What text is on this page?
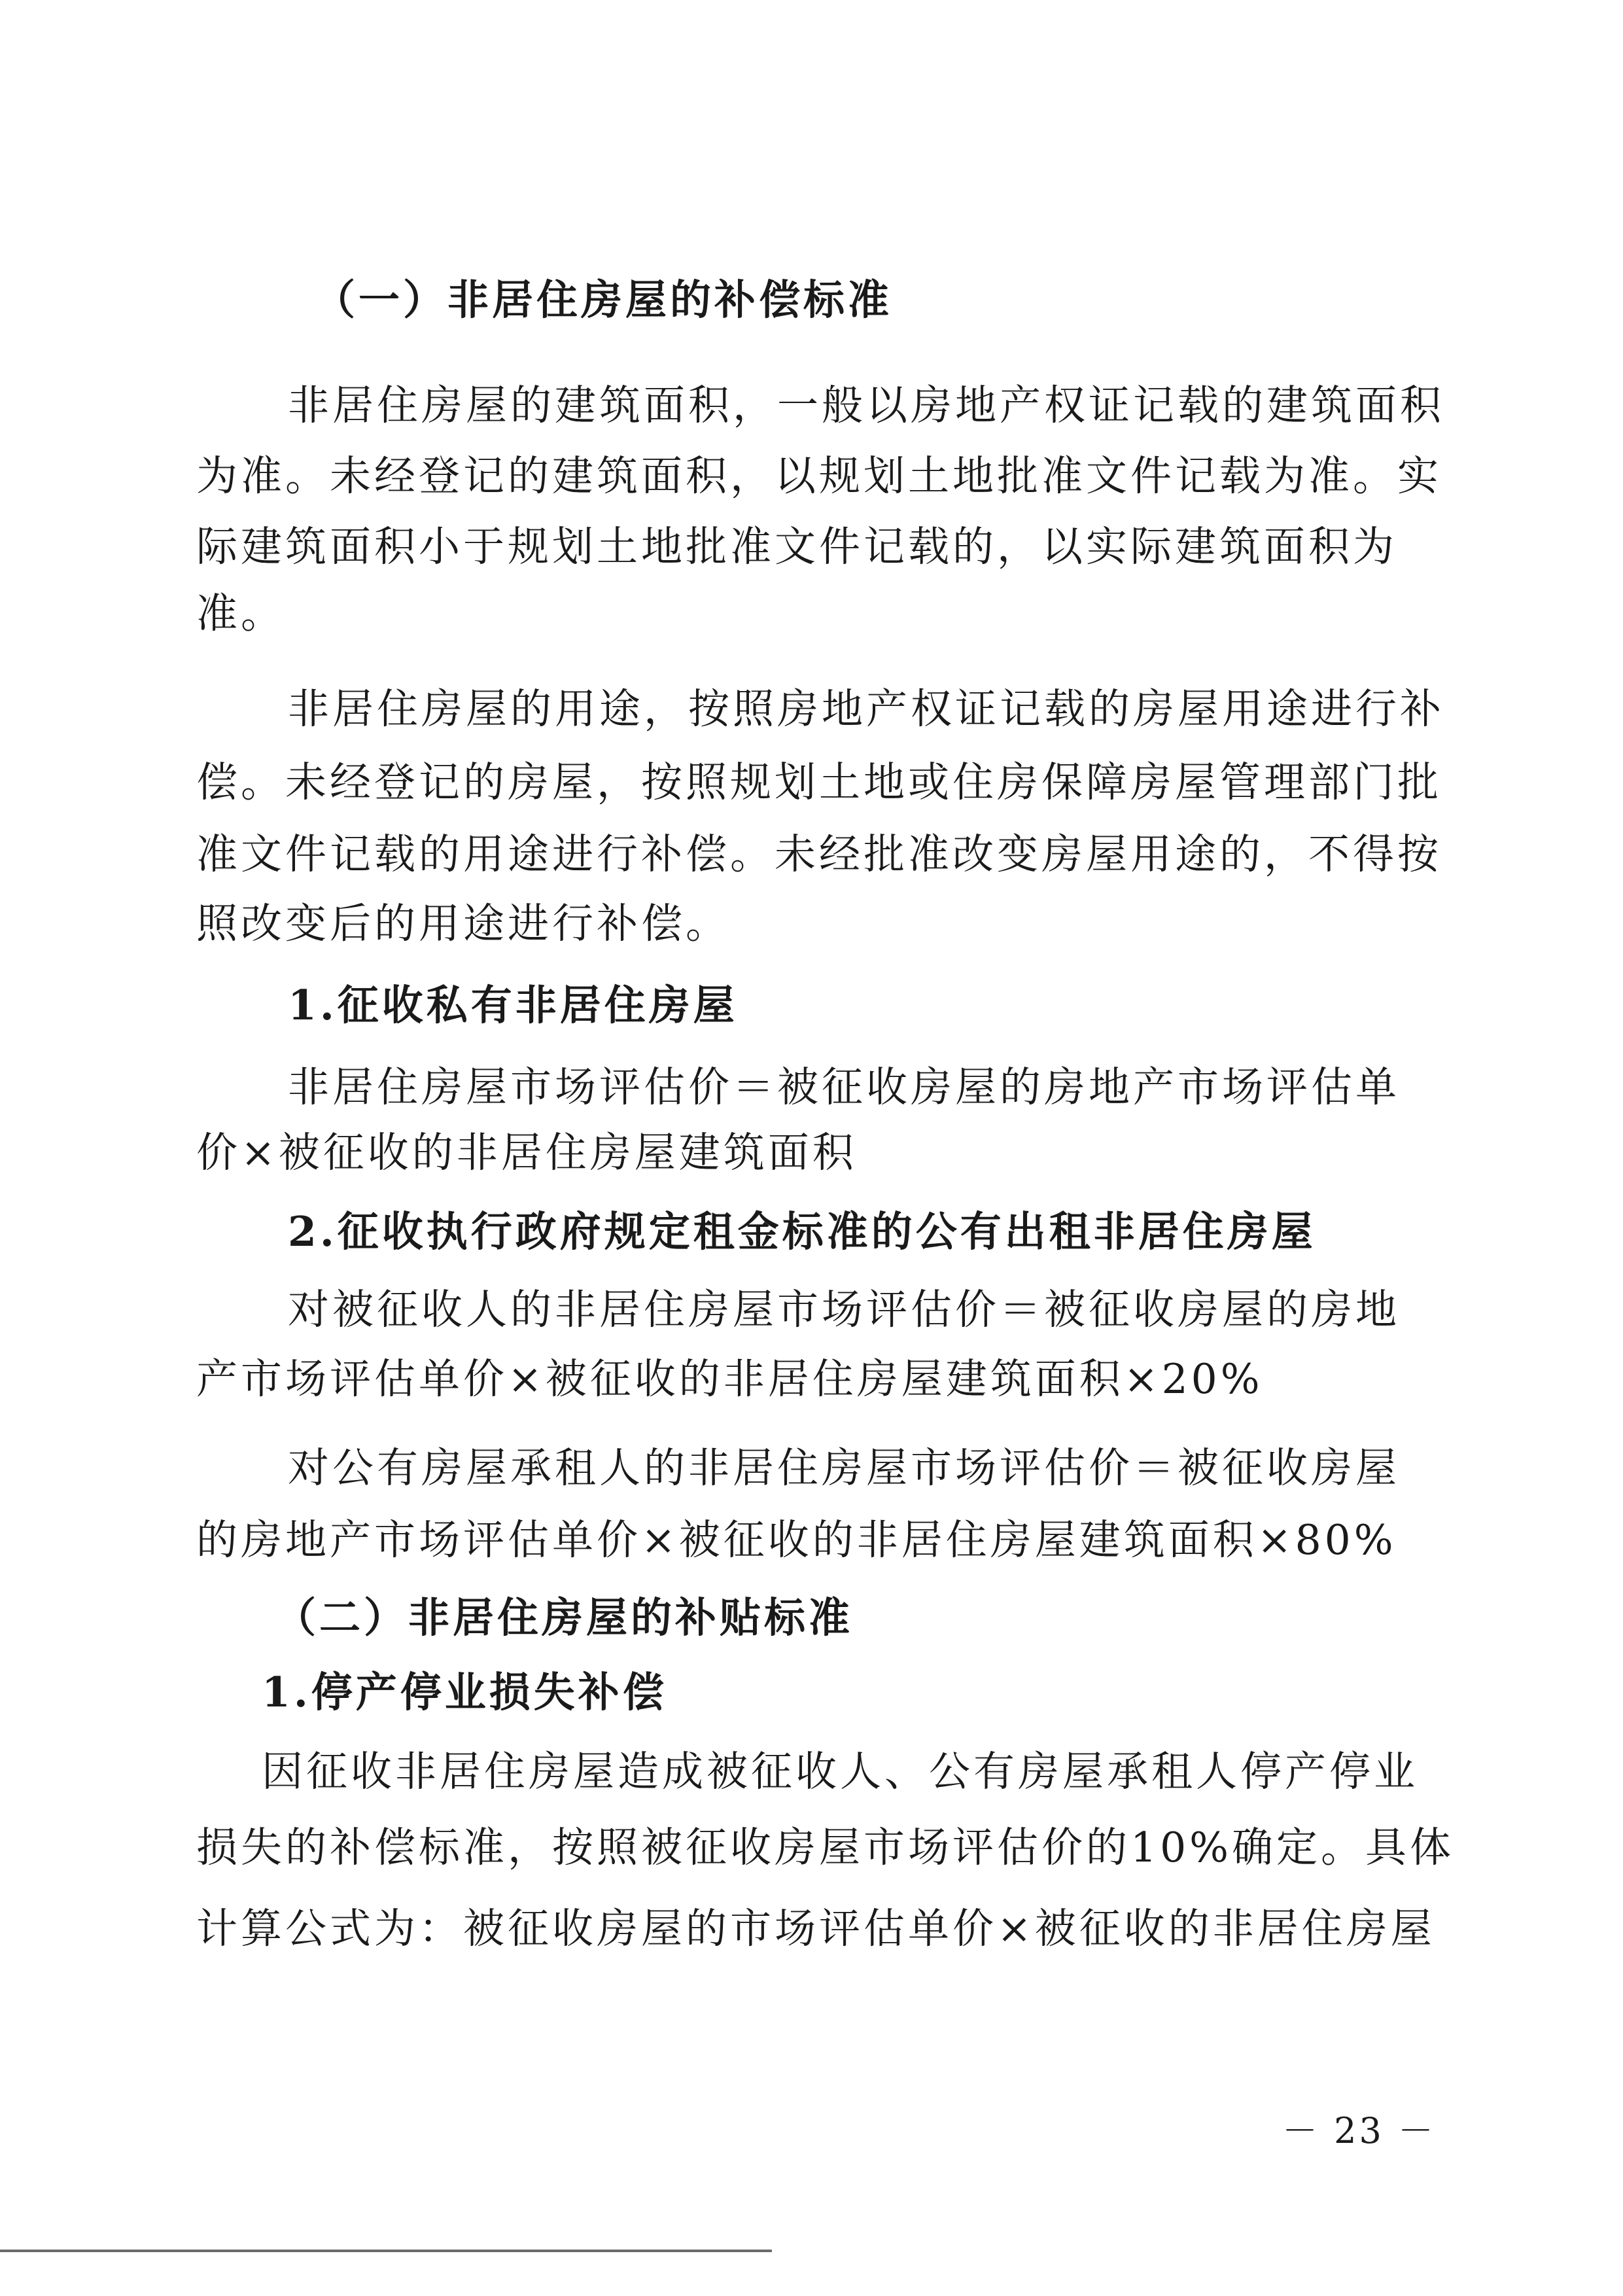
（一）非居住房屋的补偿标准
非居住房屋的建筑面积，一般以房地产权证记载的建筑面积
为准。未经登记的建筑面积，以规划土地批准文件记载为准。实
际建筑面积小于规划土地批准文件记载的，以实际建筑面积为
准。
非居住房屋的用途，按照房地产权证记载的房屋用途进行补
偿。未经登记的房屋，按照规划土地或住房保障房屋管理部门批
准文件记载的用途进行补偿。未经批准改变房屋用途的，不得按
照改变后的用途进行补偿。
1.征收私有非居住房屋
非居住房屋市场评估价＝被征收房屋的房地产市场评估单
价×被征收的非居住房屋建筑面积
2.征收执行政府规定租金标准的公有出租非居住房屋
对被征收人的非居住房屋市场评估价＝被征收房屋的房地
产市场评估单价×被征收的非居住房屋建筑面积×20%
对公有房屋承租人的非居住房屋市场评估价＝被征收房屋
的房地产市场评估单价×被征收的非居住房屋建筑面积×80%
（二）非居住房屋的补贴标准
1.停产停业损失补偿
因征收非居住房屋造成被征收人、公有房屋承租人停产停业
损失的补偿标准，按照被征收房屋市场评估价的10%确定。具体
计算公式为：被征收房屋的市场评估单价×被征收的非居住房屋
－ 23 －
